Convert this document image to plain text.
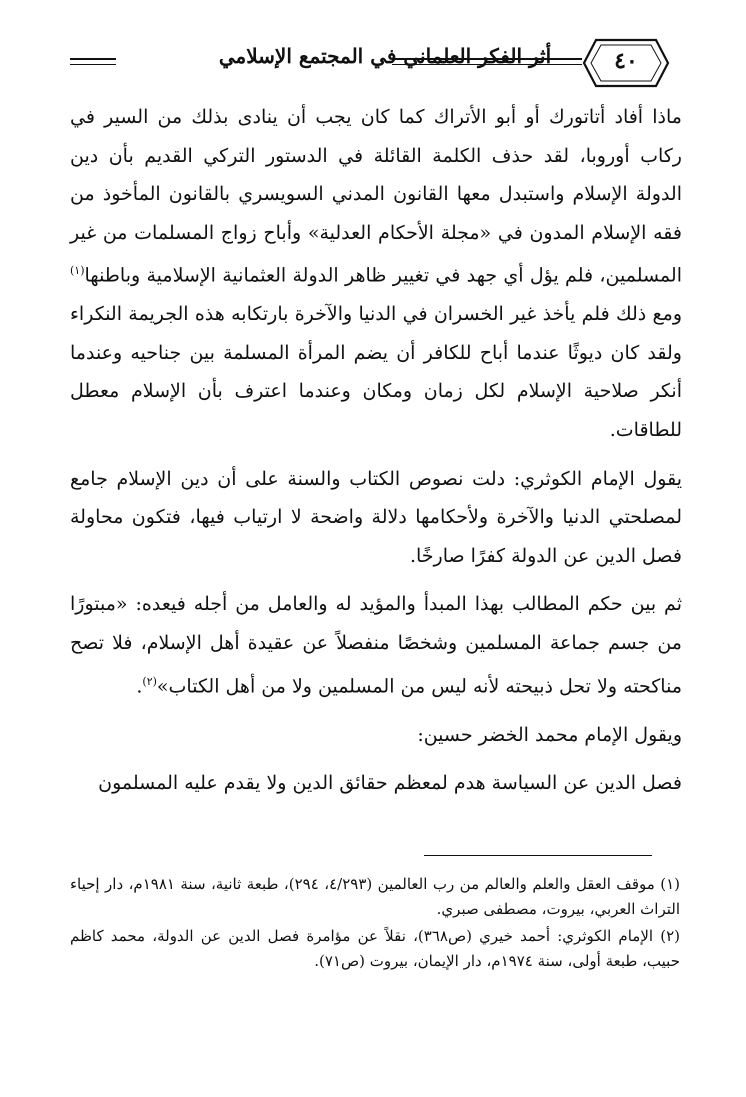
أثر الفكر العلماني في المجتمع الإسلامي	٤٠

ماذا أفاد أتاتورك أو أبو الأتراك كما كان يجب أن ينادى بذلك من السير في ركاب أوروبا، لقد حذف الكلمة القائلة في الدستور التركي القديم بأن دين الدولة الإسلام واستبدل معها القانون المدني السويسري بالقانون المأخوذ من فقه الإسلام المدون في «مجلة الأحكام العدلية» وأباح زواج المسلمات من غير المسلمين، فلم يؤل أي جهد في تغيير ظاهر الدولة العثمانية الإسلامية وباطنها$^{(١)}$ ومع ذلك فلم يأخذ غير الخسران في الدنيا والآخرة بارتكابه هذه الجريمة النكراء ولقد كان ديوثًا عندما أباح للكافر أن يضم المرأة المسلمة بين جناحيه وعندما أنكر صلاحية الإسلام لكل زمان ومكان وعندما اعترف بأن الإسلام معطل للطاقات.

يقول الإمام الكوثري: دلت نصوص الكتاب والسنة على أن دين الإسلام جامع لمصلحتي الدنيا والآخرة ولأحكامها دلالة واضحة لا ارتياب فيها، فتكون محاولة فصل الدين عن الدولة كفرًا صارخًا.

ثم بين حكم المطالب بهذا المبدأ والمؤيد له والعامل من أجله فيعده: «مبتورًا من جسم جماعة المسلمين وشخصًا منفصلاً عن عقيدة أهل الإسلام، فلا تصح مناكحته ولا تحل ذبيحته لأنه ليس من المسلمين ولا من أهل الكتاب»$^{(٢)}$.

ويقول الإمام محمد الخضر حسين:

فصل الدين عن السياسة هدم لمعظم حقائق الدين ولا يقدم عليه المسلمون

(١) موقف العقل والعلم والعالم من رب العالمين (٤/٢٩٣، ٢٩٤)، طبعة ثانية، سنة ١٩٨١م، دار إحياء التراث العربي، بيروت، مصطفى صبري.

(٢) الإمام الكوثري: أحمد خيري (ص٣٦٨)، نقلاً عن مؤامرة فصل الدين عن الدولة، محمد كاظم حبيب، طبعة أولى، سنة ١٩٧٤م، دار الإيمان، بيروت (ص٧١).
